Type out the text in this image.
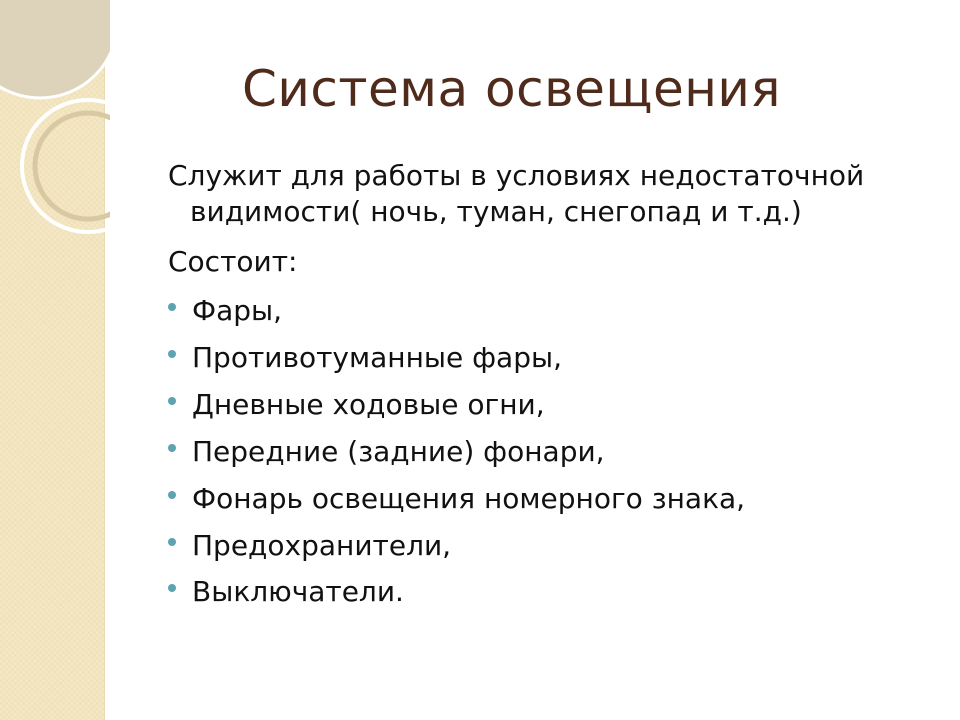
Система освещения

Служит для работы в условиях недостаточной видимости( ночь, туман, снегопад и т.д.)

Состоит:

Фары,
Противотуманные фары,
Дневные ходовые огни,
Передние (задние) фонари,
Фонарь освещения номерного знака,
Предохранители,
Выключатели.
